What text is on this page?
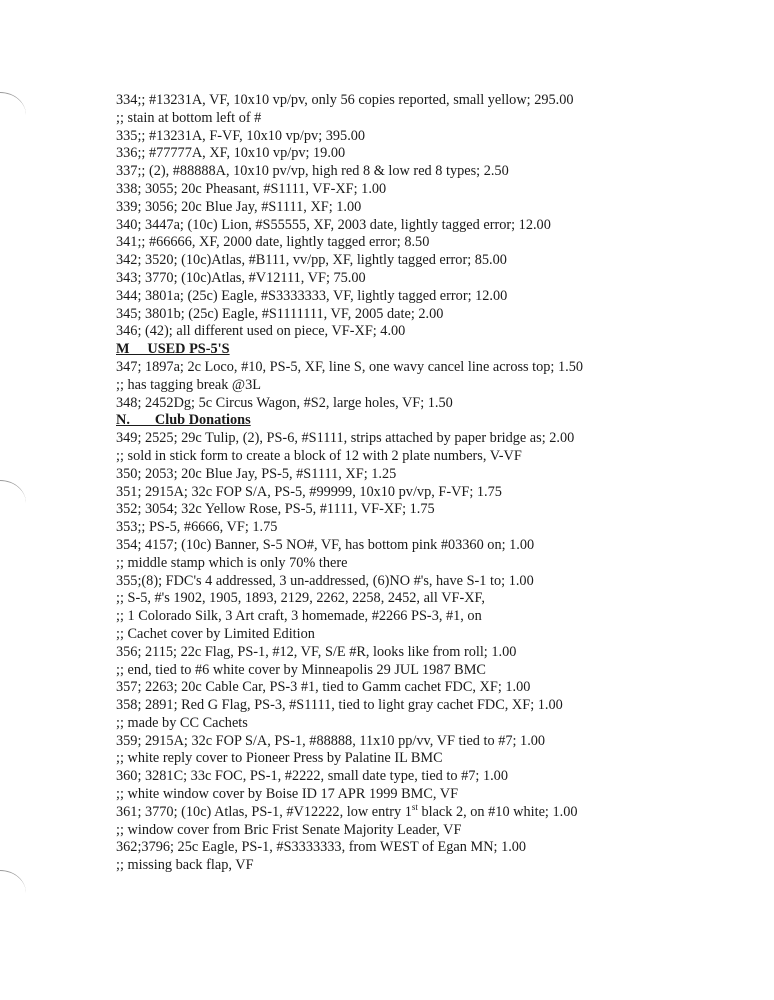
334;; #13231A, VF, 10x10 vp/pv, only 56 copies reported, small yellow; 295.00
;; stain at bottom left of #
335;; #13231A, F-VF, 10x10 vp/pv; 395.00
336;; #77777A, XF, 10x10 vp/pv; 19.00
337;; (2), #88888A, 10x10 pv/vp, high red 8 & low red 8 types; 2.50
338; 3055; 20c Pheasant, #S1111, VF-XF; 1.00
339; 3056; 20c Blue Jay, #S1111, XF; 1.00
340; 3447a; (10c) Lion, #S55555, XF, 2003 date, lightly tagged error; 12.00
341;; #66666, XF, 2000 date, lightly tagged error; 8.50
342; 3520; (10c)Atlas, #B111, vv/pp, XF, lightly tagged error; 85.00
343; 3770; (10c)Atlas, #V12111, VF; 75.00
344; 3801a; (25c) Eagle, #S3333333, VF, lightly tagged error; 12.00
345; 3801b; (25c) Eagle, #S1111111, VF, 2005 date; 2.00
346; (42); all different used on piece, VF-XF; 4.00
M     USED PS-5'S
347; 1897a; 2c Loco, #10, PS-5, XF, line S, one wavy cancel line across top; 1.50
;; has tagging break @3L
348; 2452Dg; 5c Circus Wagon, #S2, large holes, VF; 1.50
N.       Club Donations
349; 2525; 29c Tulip, (2), PS-6, #S1111, strips attached by paper bridge as; 2.00
;; sold in stick form to create a block of 12 with 2 plate numbers, V-VF
350; 2053; 20c Blue Jay, PS-5, #S1111, XF; 1.25
351; 2915A; 32c FOP S/A, PS-5, #99999, 10x10 pv/vp, F-VF; 1.75
352; 3054; 32c Yellow Rose, PS-5, #1111, VF-XF; 1.75
353;; PS-5, #6666, VF; 1.75
354; 4157; (10c) Banner, S-5 NO#, VF, has bottom pink #03360 on; 1.00
;; middle stamp which is only 70% there
355;(8); FDC's 4 addressed, 3 un-addressed, (6)NO #'s, have S-1 to; 1.00
;; S-5, #'s 1902, 1905, 1893, 2129, 2262, 2258, 2452, all VF-XF,
;; 1 Colorado Silk, 3 Art craft, 3 homemade, #2266 PS-3, #1, on
;; Cachet cover by Limited Edition
356; 2115; 22c Flag, PS-1, #12, VF, S/E #R, looks like from roll; 1.00
;; end, tied to #6 white cover by Minneapolis 29 JUL 1987 BMC
357; 2263; 20c Cable Car, PS-3 #1, tied to Gamm cachet FDC, XF; 1.00
358; 2891; Red G Flag, PS-3, #S1111, tied to light gray cachet FDC, XF; 1.00
;; made by CC Cachets
359; 2915A; 32c FOP S/A, PS-1, #88888, 11x10 pp/vv, VF tied to #7; 1.00
;; white reply cover to Pioneer Press by Palatine IL BMC
360; 3281C; 33c FOC, PS-1, #2222, small date type, tied to #7; 1.00
;; white window cover by Boise ID 17 APR 1999 BMC, VF
361; 3770; (10c) Atlas, PS-1, #V12222, low entry 1st black 2, on #10 white; 1.00
;; window cover from Bric Frist Senate Majority Leader, VF
362;3796; 25c Eagle, PS-1, #S3333333, from WEST of Egan MN; 1.00
;; missing back flap, VF
